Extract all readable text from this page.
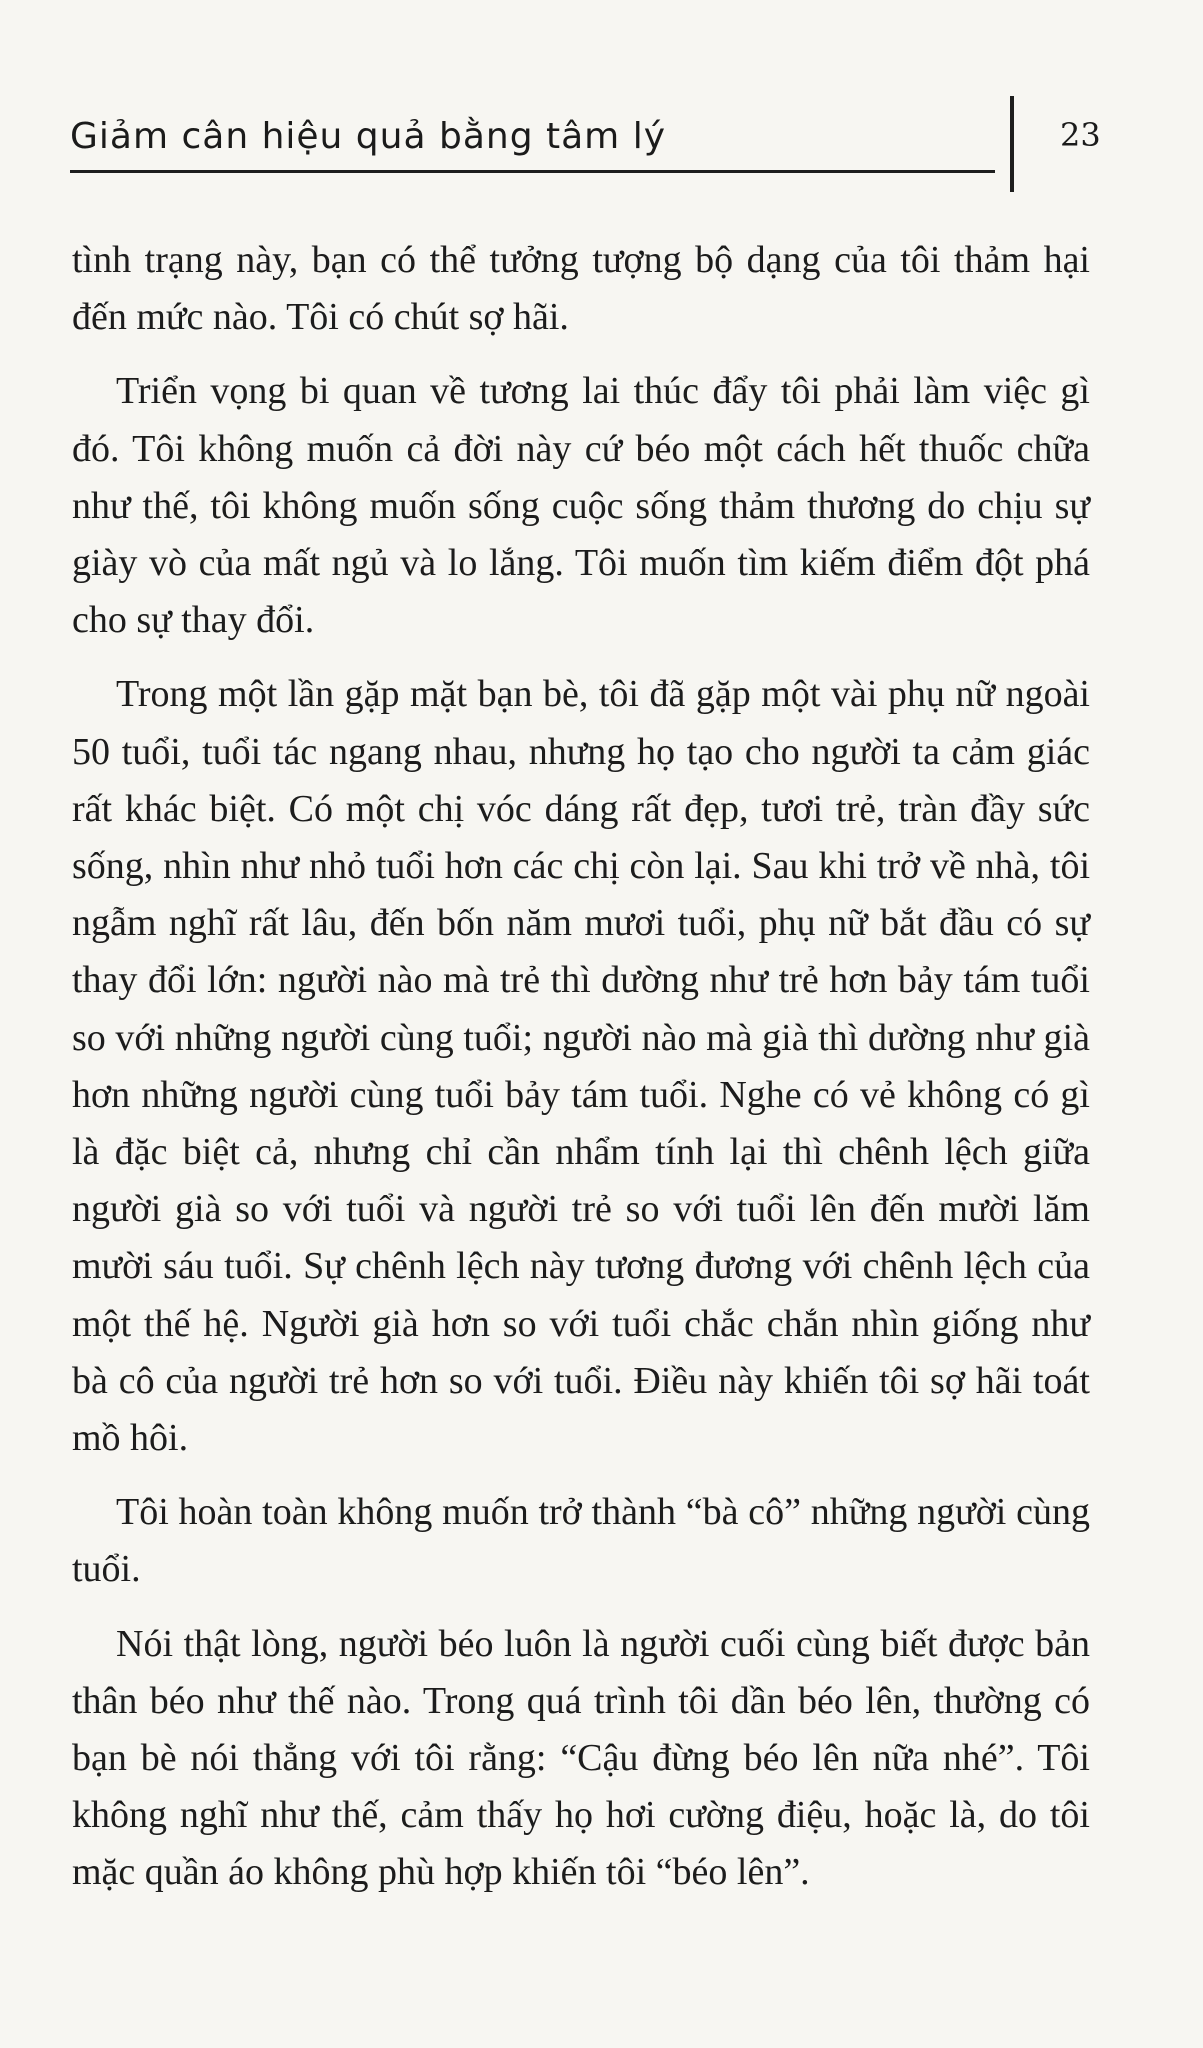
Giảm cân hiệu quả bằng tâm lý	23

tình trạng này, bạn có thể tưởng tượng bộ dạng của tôi thảm hại đến mức nào. Tôi có chút sợ hãi.

Triển vọng bi quan về tương lai thúc đẩy tôi phải làm việc gì đó. Tôi không muốn cả đời này cứ béo một cách hết thuốc chữa như thế, tôi không muốn sống cuộc sống thảm thương do chịu sự giày vò của mất ngủ và lo lắng. Tôi muốn tìm kiếm điểm đột phá cho sự thay đổi.

Trong một lần gặp mặt bạn bè, tôi đã gặp một vài phụ nữ ngoài 50 tuổi, tuổi tác ngang nhau, nhưng họ tạo cho người ta cảm giác rất khác biệt. Có một chị vóc dáng rất đẹp, tươi trẻ, tràn đầy sức sống, nhìn như nhỏ tuổi hơn các chị còn lại. Sau khi trở về nhà, tôi ngẫm nghĩ rất lâu, đến bốn năm mươi tuổi, phụ nữ bắt đầu có sự thay đổi lớn: người nào mà trẻ thì dường như trẻ hơn bảy tám tuổi so với những người cùng tuổi; người nào mà già thì dường như già hơn những người cùng tuổi bảy tám tuổi. Nghe có vẻ không có gì là đặc biệt cả, nhưng chỉ cần nhẩm tính lại thì chênh lệch giữa người già so với tuổi và người trẻ so với tuổi lên đến mười lăm mười sáu tuổi. Sự chênh lệch này tương đương với chênh lệch của một thế hệ. Người già hơn so với tuổi chắc chắn nhìn giống như bà cô của người trẻ hơn so với tuổi. Điều này khiến tôi sợ hãi toát mồ hôi.

Tôi hoàn toàn không muốn trở thành “bà cô” những người cùng tuổi.

Nói thật lòng, người béo luôn là người cuối cùng biết được bản thân béo như thế nào. Trong quá trình tôi dần béo lên, thường có bạn bè nói thẳng với tôi rằng: “Cậu đừng béo lên nữa nhé”. Tôi không nghĩ như thế, cảm thấy họ hơi cường điệu, hoặc là, do tôi mặc quần áo không phù hợp khiến tôi “béo lên”.
